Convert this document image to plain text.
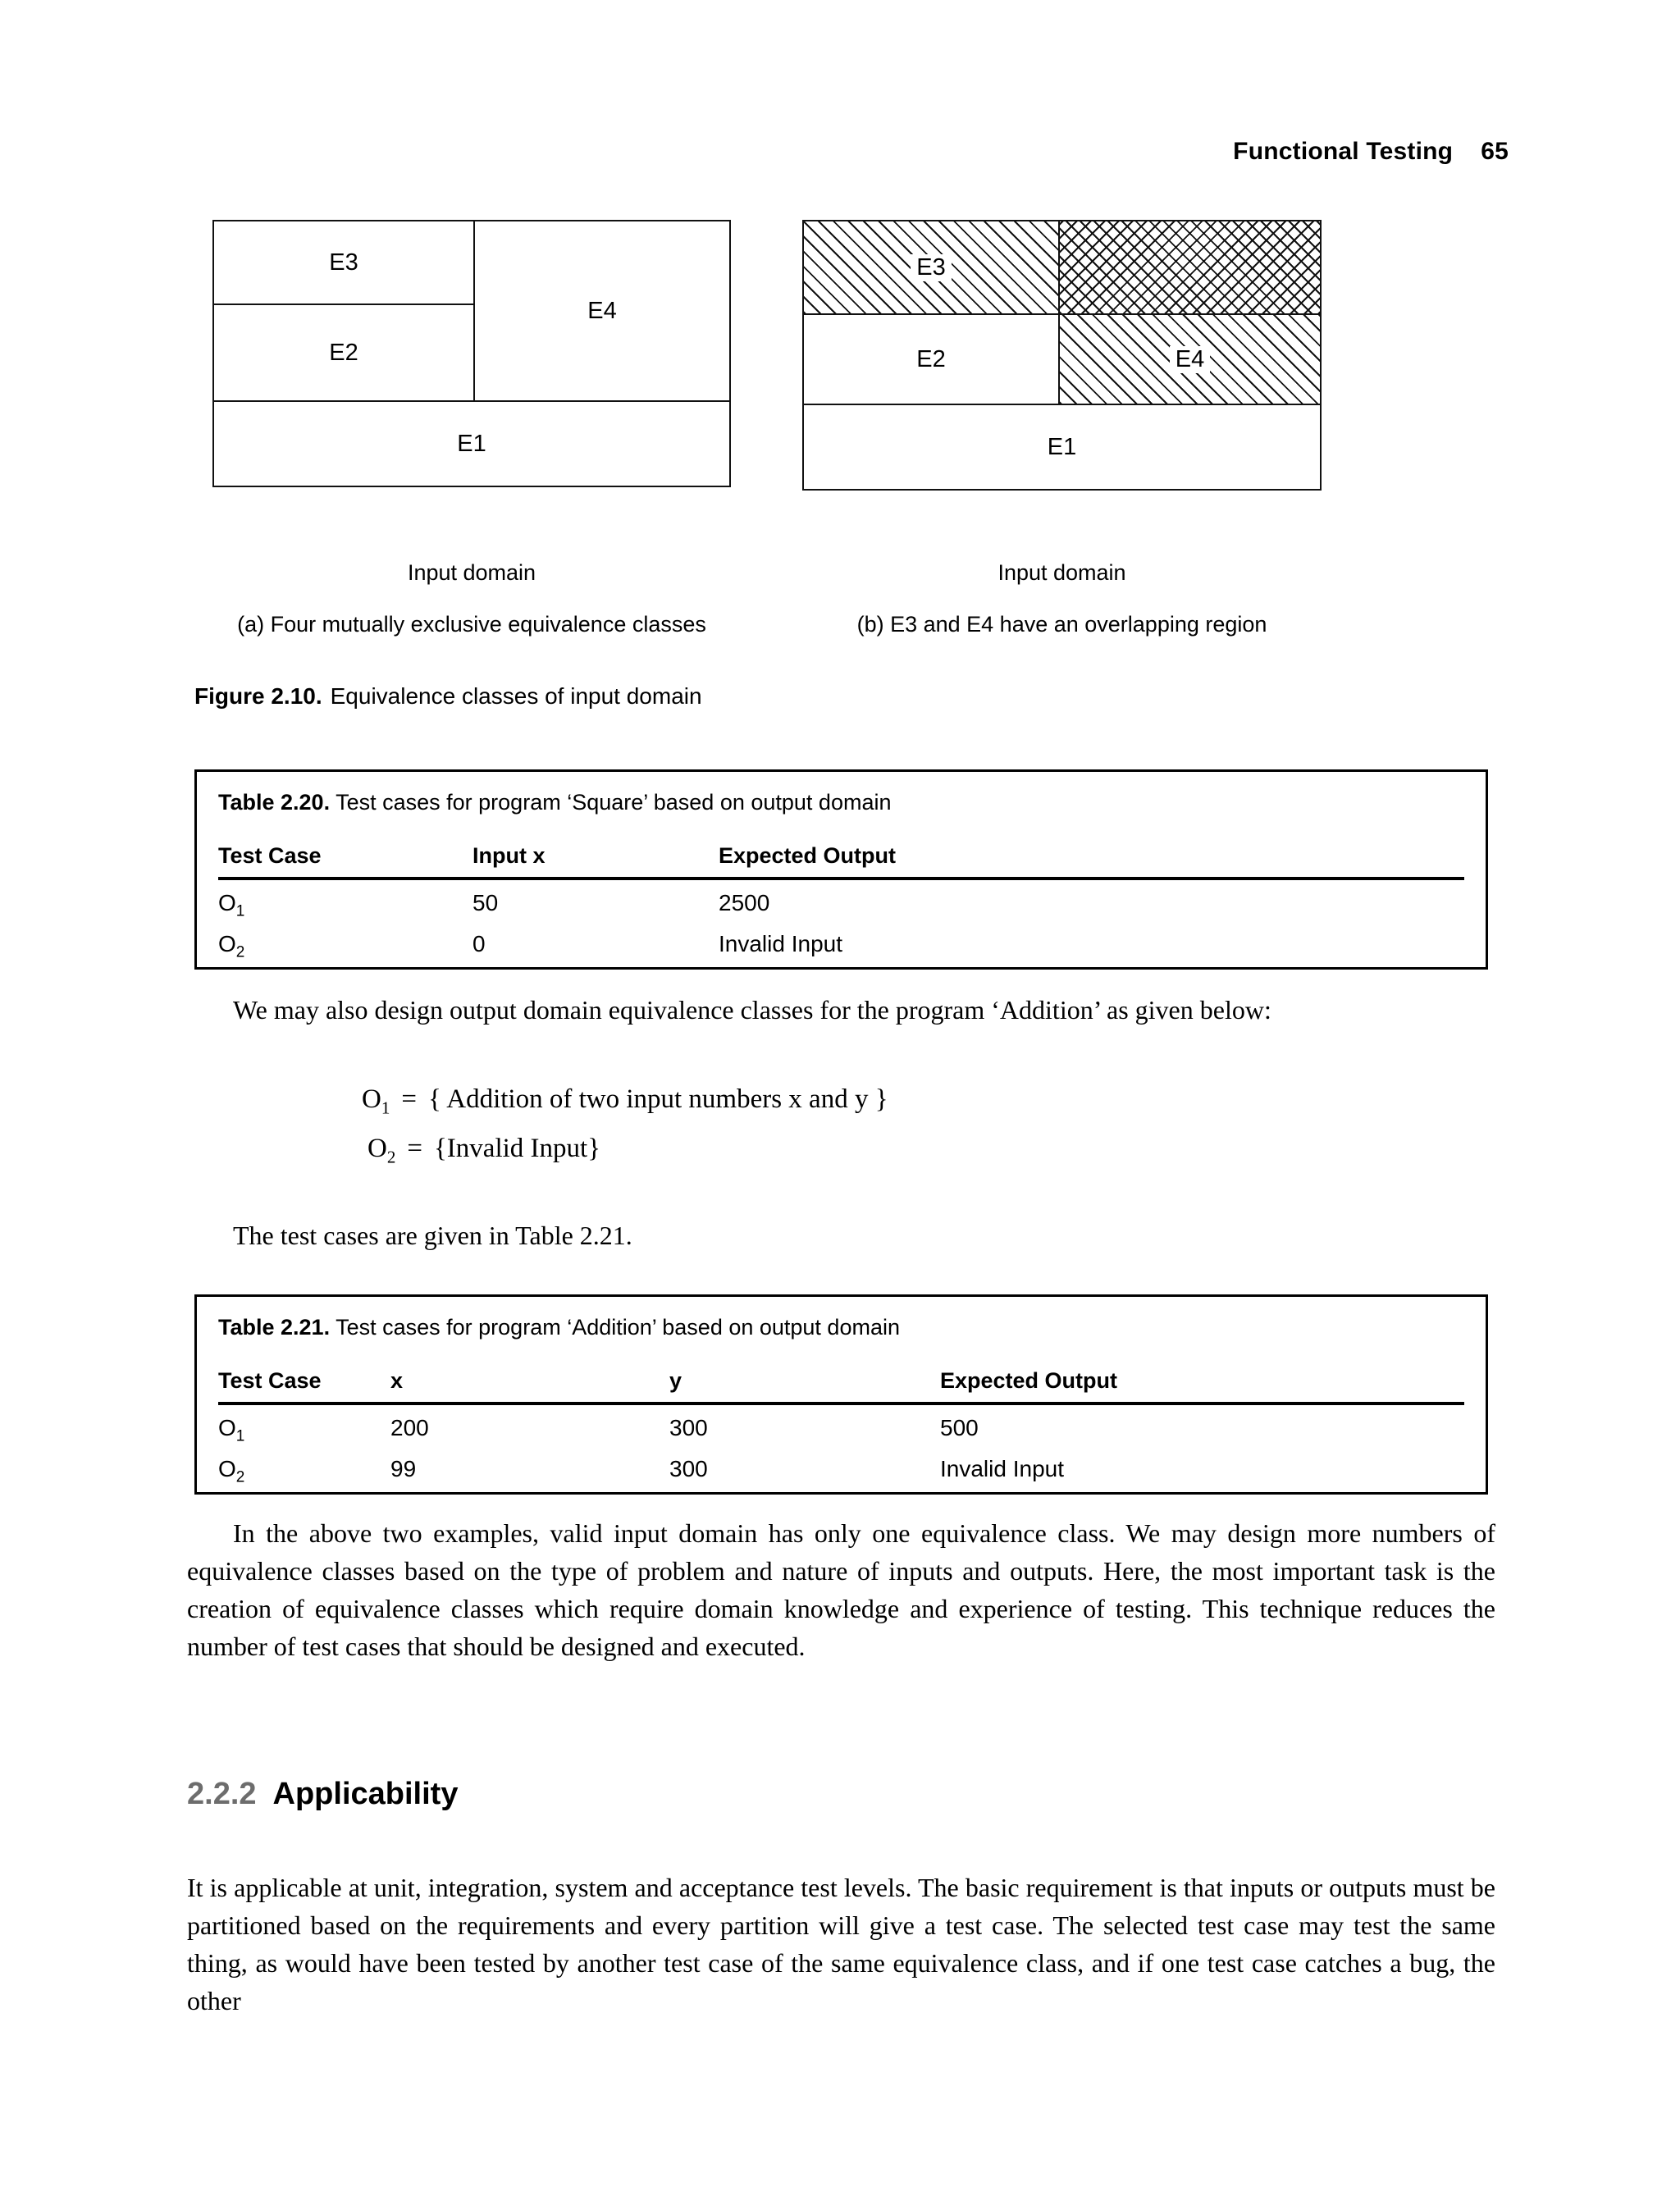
Functional Testing 65
E3
E2
E4
E1
Input domain
(a) Four mutually exclusive equivalence classes
E3
E2	E4
E1
Input domain
(b) E3 and E4 have an overlapping region
Figure 2.10. Equivalence classes of input domain
Table 2.20. Test cases for program ‘Square’ based on output domain
Test Case	Input x	Expected Output
$O_1$	50	2500
$O_2$	0	Invalid Input
We may also design output domain equivalence classes for the program ‘Addition’ as given below:
$O_1$ = { Addition of two input numbers x and y }
$O_2$ = {Invalid Input}
The test cases are given in Table 2.21.
Table 2.21. Test cases for program ‘Addition’ based on output domain
Test Case	x	y	Expected Output
$O_1$	200	300	500
$O_2$	99	300	Invalid Input
In the above two examples, valid input domain has only one equivalence class. We may design more numbers of equivalence classes based on the type of problem and nature of inputs and outputs. Here, the most important task is the creation of equivalence classes which require domain knowledge and experience of testing. This technique reduces the number of test cases that should be designed and executed.
2.2.2 Applicability
It is applicable at unit, integration, system and acceptance test levels. The basic requirement is that inputs or outputs must be partitioned based on the requirements and every partition will give a test case. The selected test case may test the same thing, as would have been tested by another test case of the same equivalence class, and if one test case catches a bug, the other
